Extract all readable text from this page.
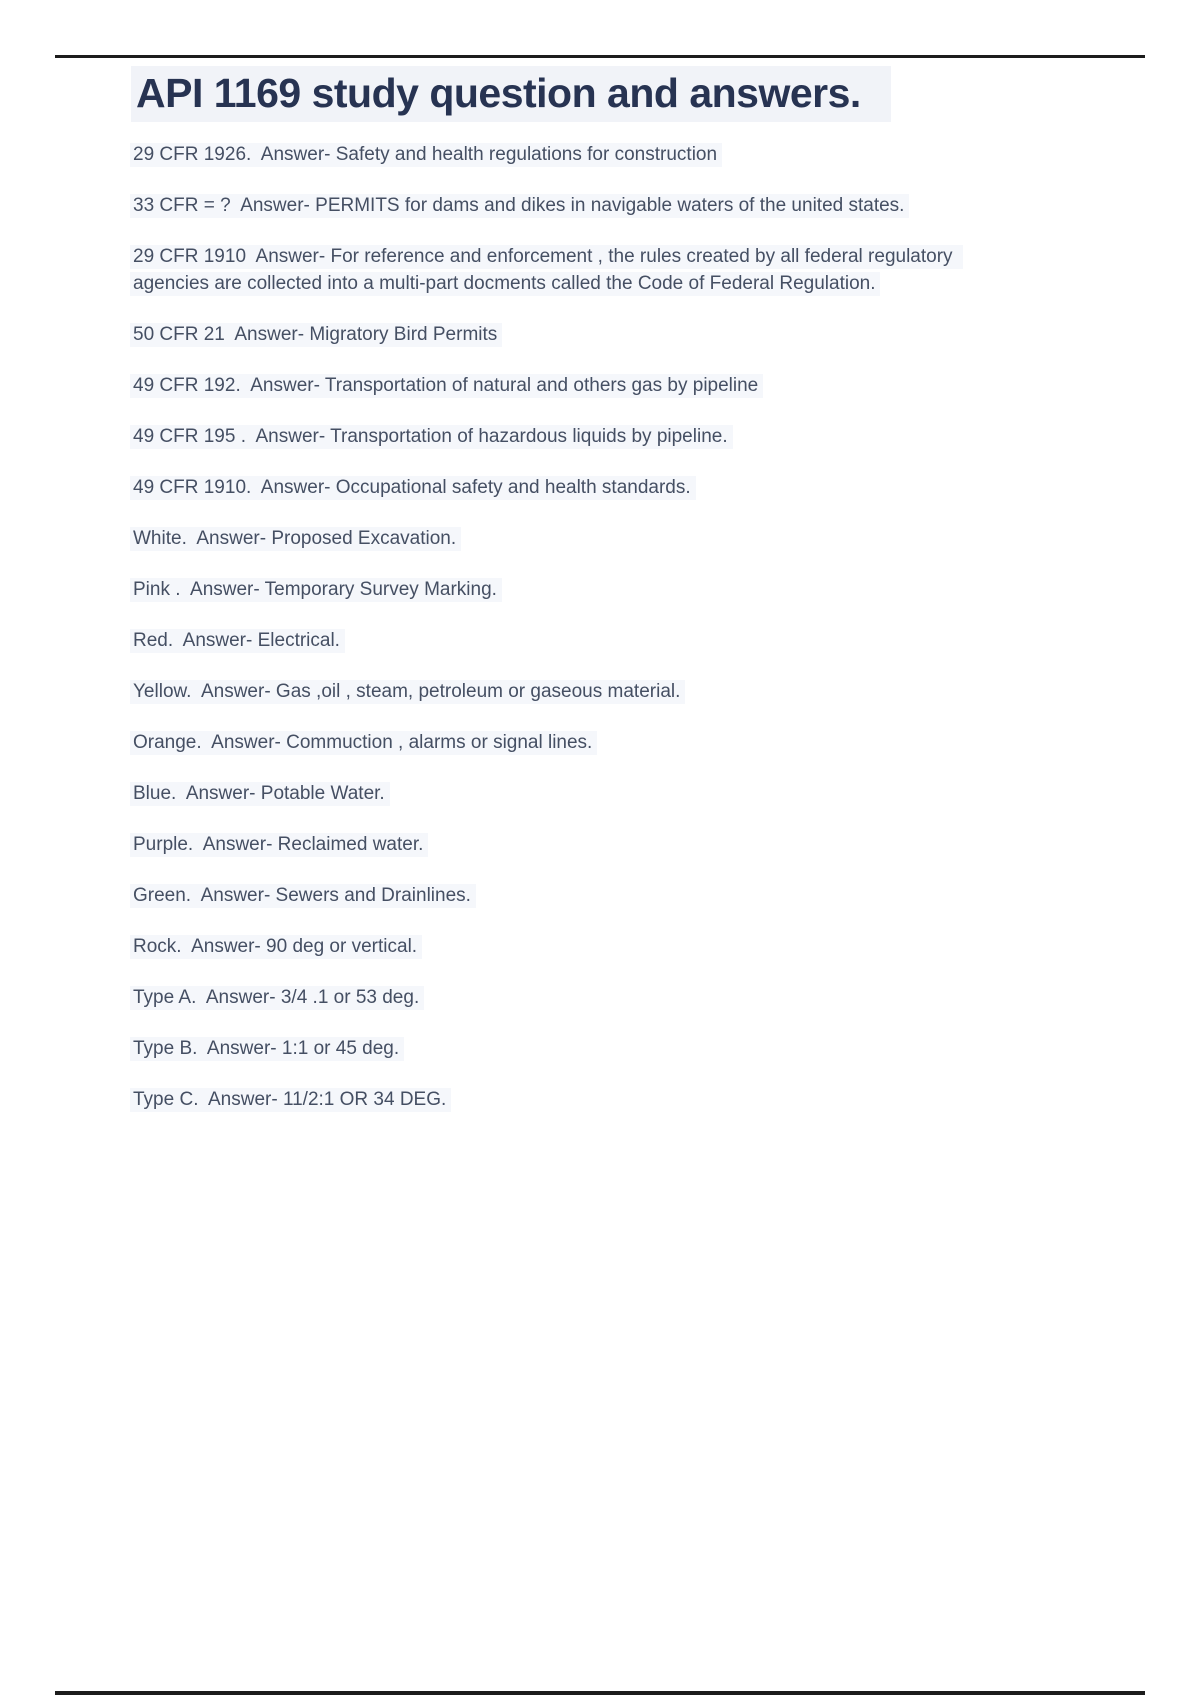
API 1169 study question and answers.

29 CFR 1926.  Answer- Safety and health regulations for construction

33 CFR = ?  Answer- PERMITS for dams and dikes in navigable waters of the united states.

29 CFR 1910  Answer- For reference and enforcement , the rules created by all federal regulatory agencies are collected into a multi-part docments called the Code of Federal Regulation.

50 CFR 21  Answer- Migratory Bird Permits

49 CFR 192.  Answer- Transportation of natural and others gas by pipeline

49 CFR 195 .  Answer- Transportation of hazardous liquids by pipeline.

49 CFR 1910.  Answer- Occupational safety and health standards.

White.  Answer- Proposed Excavation.

Pink .  Answer- Temporary Survey Marking.

Red.  Answer- Electrical.

Yellow.  Answer- Gas ,oil , steam, petroleum or gaseous material.

Orange.  Answer- Commuction , alarms or signal lines.

Blue.  Answer- Potable Water.

Purple.  Answer- Reclaimed water.

Green.  Answer- Sewers and Drainlines.

Rock.  Answer- 90 deg or vertical.

Type A.  Answer- 3/4 .1 or 53 deg.

Type B.  Answer- 1:1 or 45 deg.

Type C.  Answer- 11/2:1 OR 34 DEG.
